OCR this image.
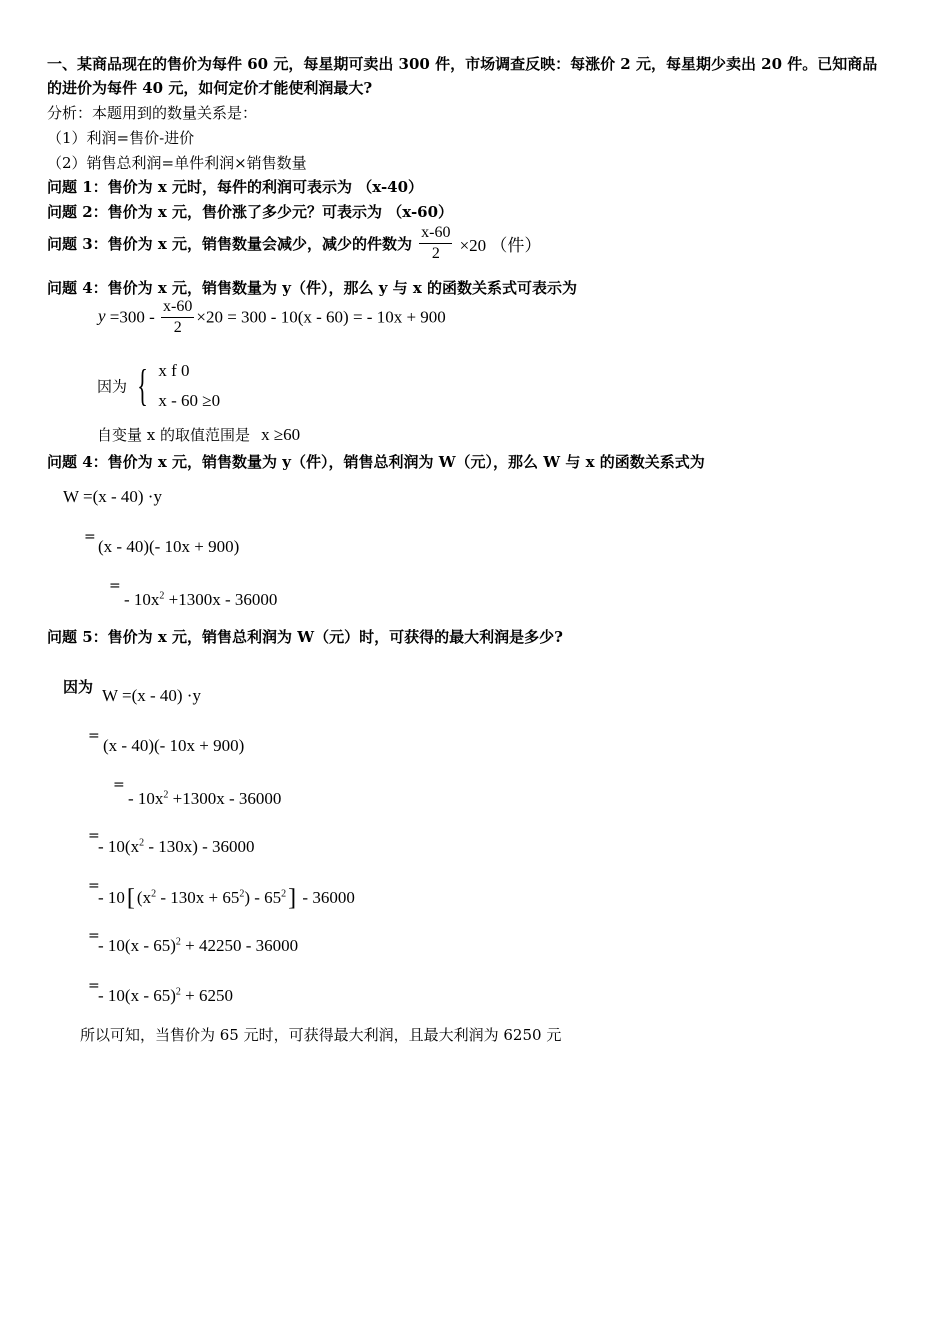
一、某商品现在的售价为每件 60 元，每星期可卖出 300 件，市场调查反映：每涨价 2 元，每星期少卖出 20 件。已知商品
的进价为每件 40 元，如何定价才能使利润最大?
分析：本题用到的数量关系是：
（1）利润=售价-进价
（2）销售总利润=单件利润×销售数量
问题 1：售价为 x 元时，每件的利润可表示为 （x-40）
问题 2：售价为 x 元，售价涨了多少元？可表示为 （x-60）
问题 3：售价为 x 元，销售数量会减少，减少的件数为 $\frac{x-60}{2} \times 20$ （件）
问题 4：售价为 x 元，销售数量为 y（件），那么 y 与 x 的函数关系式可表示为
$y =300 - \frac{x-60}{2} \times 20 = 300 - 10(x - 60)$ = - 10x + 900
因为 { x f 0
x - 60 ≥0
自变量 x 的取值范围是 x ≥60
问题 4：售价为 x 元，销售数量为 y（件），销售总利润为 W（元），那么 W 与 x 的函数关系式为
W =(x - 40) ·y
= (x - 40)(- 10x + 900)
=
- $10x^2 +1300x - 36000$
问题 5：售价为 x 元，销售总利润为 W（元）时，可获得的最大利润是多少?
因为 W =(x - 40) ·y
= (x - 40)(- 10x + 900)
=
- $10x^2 +1300x - 36000$
=
- $10(x^2 - 130x) - 36000$
=
- 10[ $(x^2 - 130x + 65^2) - 65^2] - 36000$
=
- 10(x - 65)$^2$ + 42250 - 36000
=
- 10(x - 65)$^2$ + 6250
所以可知，当售价为 65 元时，可获得最大利润，且最大利润为 6250 元
